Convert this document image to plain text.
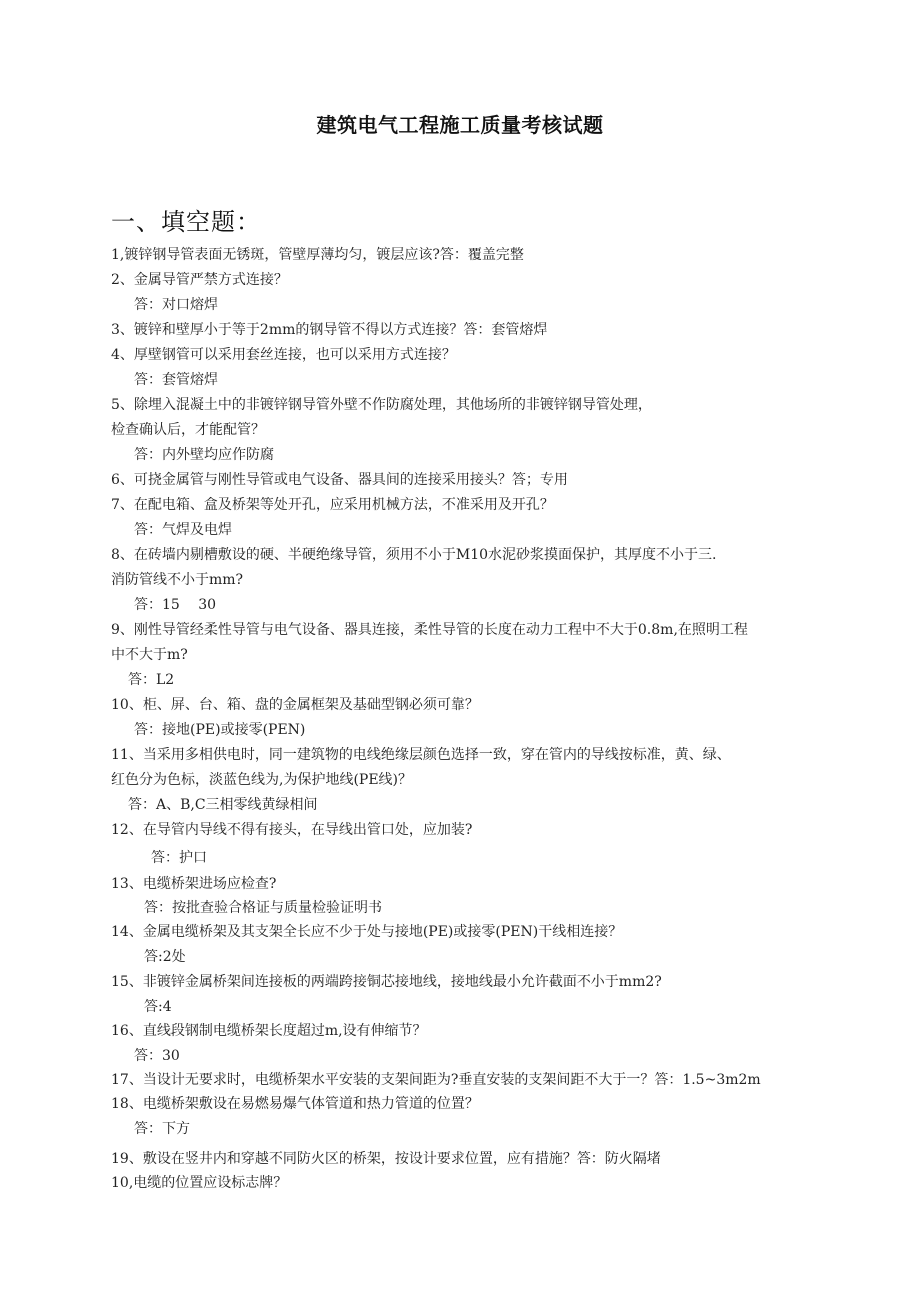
建筑电气工程施工质量考核试题
一、填空题：
1,镀锌钢导管表面无锈斑，管壁厚薄均匀，镀层应该?答：覆盖完整
2、金属导管严禁方式连接？
答：对口熔焊
3、镀锌和壁厚小于等于2mm的钢导管不得以方式连接？答：套管熔焊
4、厚壁钢管可以采用套丝连接，也可以采用方式连接？
答：套管熔焊
5、除埋入混凝土中的非镀锌钢导管外壁不作防腐处理，其他场所的非镀锌钢导管处理，
检查确认后，才能配管？
答：内外壁均应作防腐
6、可挠金属管与刚性导管或电气设备、器具间的连接采用接头？答；专用
7、在配电箱、盒及桥架等处开孔，应采用机械方法，不准采用及开孔？
答：气焊及电焊
8、在砖墙内剔槽敷设的硬、半硬绝缘导管，须用不小于M10水泥砂浆摸面保护，其厚度不小于三.
消防管线不小于mm?
答：15　 30
9、刚性导管经柔性导管与电气设备、器具连接，柔性导管的长度在动力工程中不大于0.8m,在照明工程
中不大于m?
答：L2
10、柜、屏、台、箱、盘的金属框架及基础型钢必须可靠？
答：接地(PE)或接零(PEN)
11、当采用多相供电时，同一建筑物的电线绝缘层颜色选择一致，穿在管内的导线按标准，黄、绿、
红色分为色标，淡蓝色线为,为保护地线(PE线)？
答：A、B,C三相零线黄绿相间
12、在导管内导线不得有接头，在导线出管口处，应加装?
答：护口
13、电缆桥架进场应检查?
答：按批查验合格证与质量检验证明书
14、金属电缆桥架及其支架全长应不少于处与接地(PE)或接零(PEN)干线相连接？
答:2处
15、非镀锌金属桥架间连接板的两端跨接铜芯接地线，接地线最小允许截面不小于mm2?
答:4
16、直线段钢制电缆桥架长度超过m,设有伸缩节？
答：30
17、当设计无要求时，电缆桥架水平安装的支架间距为?垂直安装的支架间距不大于一？答：1.5~3m2m
18、电缆桥架敷设在易燃易爆气体管道和热力管道的位置？
答：下方
19、敷设在竖井内和穿越不同防火区的桥架，按设计要求位置，应有措施？答：防火隔堵
10,电缆的位置应设标志牌？
